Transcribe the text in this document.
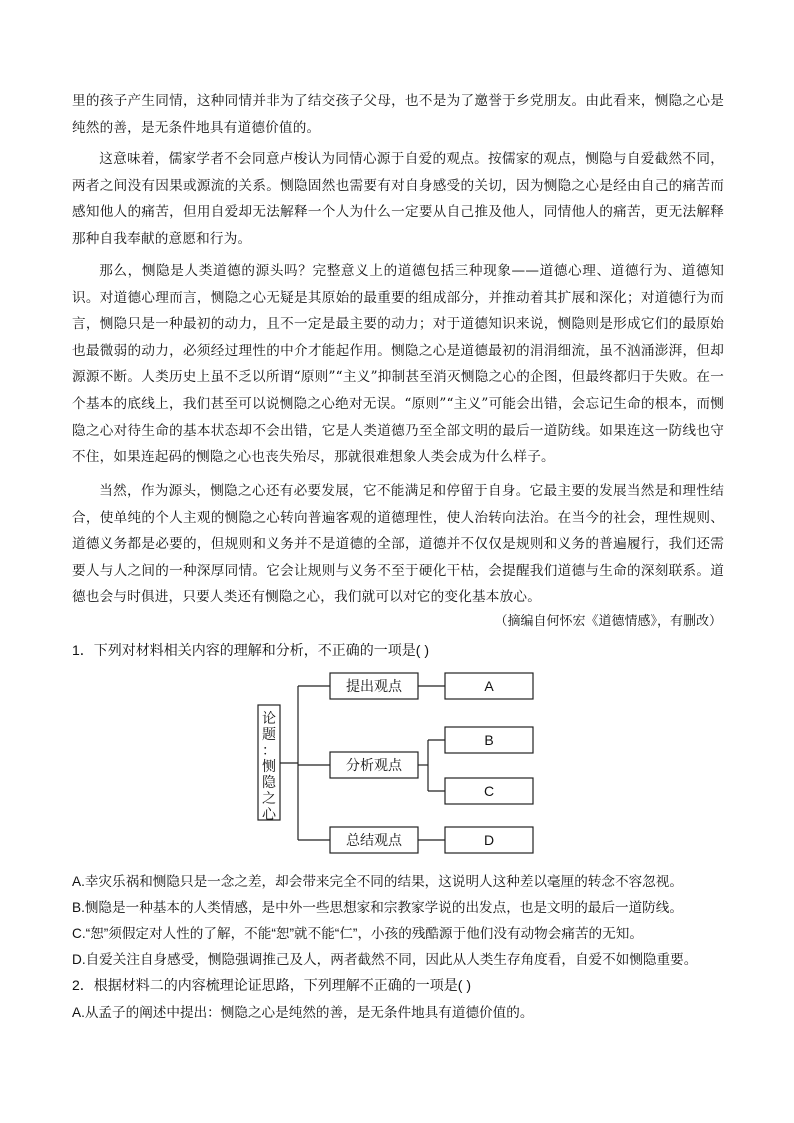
里的孩子产生同情，这种同情并非为了结交孩子父母，也不是为了邀誉于乡党朋友。由此看来，恻隐之心是纯然的善，是无条件地具有道德价值的。
这意味着，儒家学者不会同意卢梭认为同情心源于自爱的观点。按儒家的观点，恻隐与自爱截然不同，两者之间没有因果或源流的关系。恻隐固然也需要有对自身感受的关切，因为恻隐之心是经由自己的痛苦而感知他人的痛苦，但用自爱却无法解释一个人为什么一定要从自己推及他人，同情他人的痛苦，更无法解释那种自我奉献的意愿和行为。
那么，恻隐是人类道德的源头吗？完整意义上的道德包括三种现象——道德心理、道德行为、道德知识。对道德心理而言，恻隐之心无疑是其原始的最重要的组成部分，并推动着其扩展和深化；对道德行为而言，恻隐只是一种最初的动力，且不一定是最主要的动力；对于道德知识来说，恻隐则是形成它们的最原始也最微弱的动力，必须经过理性的中介才能起作用。恻隐之心是道德最初的涓涓细流，虽不汹涌澎湃，但却源源不断。人类历史上虽不乏以所谓“原则”“主义”抑制甚至消灭恻隐之心的企图，但最终都归于失败。在一个基本的底线上，我们甚至可以说恻隐之心绝对无误。“原则”“主义”可能会出错，会忘记生命的根本，而恻隐之心对待生命的基本状态却不会出错，它是人类道德乃至全部文明的最后一道防线。如果连这一防线也守不住，如果连起码的恻隐之心也丧失殆尽，那就很难想象人类会成为什么样子。
当然，作为源头，恻隐之心还有必要发展，它不能满足和停留于自身。它最主要的发展当然是和理性结合，使单纯的个人主观的恻隐之心转向普遍客观的道德理性，使人治转向法治。在当今的社会，理性规则、道德义务都是必要的，但规则和义务并不是道德的全部，道德并不仅仅是规则和义务的普遍履行，我们还需要人与人之间的一种深厚同情。它会让规则与义务不至于硬化干枯，会提醒我们道德与生命的深刻联系。道德也会与时俱进，只要人类还有恻隐之心，我们就可以对它的变化基本放心。
（摘编自何怀宏《道德情感》，有删改）
1．下列对材料相关内容的理解和分析，不正确的一项是( )
论
题
：
恻
隐
之
心
提出观点
分析观点
总结观点
A
B
C
D
A.幸灾乐祸和恻隐只是一念之差，却会带来完全不同的结果，这说明人这种差以毫厘的转念不容忽视。
B.恻隐是一种基本的人类情感，是中外一些思想家和宗教家学说的出发点，也是文明的最后一道防线。
C.“恕”须假定对人性的了解，不能“恕”就不能“仁”，小孩的残酷源于他们没有动物会痛苦的无知。
D.自爱关注自身感受，恻隐强调推己及人，两者截然不同，因此从人类生存角度看，自爱不如恻隐重要。
2．根据材料二的内容梳理论证思路，下列理解不正确的一项是( )
A.从孟子的阐述中提出：恻隐之心是纯然的善，是无条件地具有道德价值的。
